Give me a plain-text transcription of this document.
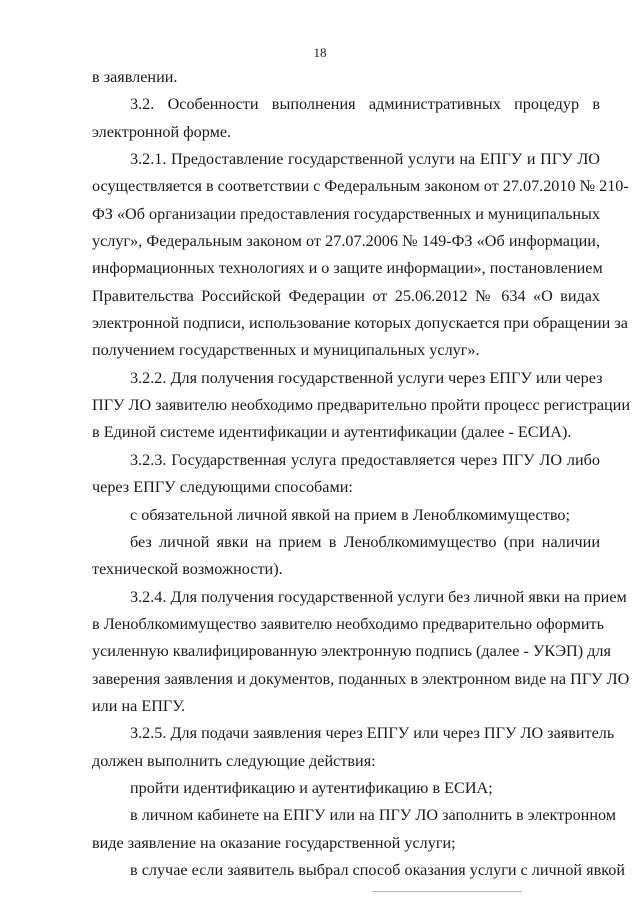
18
в заявлении.
3.2. Особенности выполнения административных процедур в
электронной форме.
3.2.1. Предоставление государственной услуги на ЕПГУ и ПГУ ЛО
осуществляется в соответствии с Федеральным законом от 27.07.2010 № 210-
ФЗ «Об организации предоставления государственных и муниципальных
услуг», Федеральным законом от 27.07.2006 № 149-ФЗ «Об информации,
информационных технологиях и о защите информации», постановлением
Правительства Российской Федерации от 25.06.2012 № 634 «О видах
электронной подписи, использование которых допускается при обращении за
получением государственных и муниципальных услуг».
3.2.2. Для получения государственной услуги через ЕПГУ или через
ПГУ ЛО заявителю необходимо предварительно пройти процесс регистрации
в Единой системе идентификации и аутентификации (далее - ЕСИА).
3.2.3. Государственная услуга предоставляется через ПГУ ЛО либо
через ЕПГУ следующими способами:
с обязательной личной явкой на прием в Леноблкомимущество;
без личной явки на прием в Леноблкомимущество (при наличии
технической возможности).
3.2.4. Для получения государственной услуги без личной явки на прием
в Леноблкомимущество заявителю необходимо предварительно оформить
усиленную квалифицированную электронную подпись (далее - УКЭП) для
заверения заявления и документов, поданных в электронном виде на ПГУ ЛО
или на ЕПГУ.
3.2.5. Для подачи заявления через ЕПГУ или через ПГУ ЛО заявитель
должен выполнить следующие действия:
пройти идентификацию и аутентификацию в ЕСИА;
в личном кабинете на ЕПГУ или на ПГУ ЛО заполнить в электронном
виде заявление на оказание государственной услуги;
в случае если заявитель выбрал способ оказания услуги с личной явкой
